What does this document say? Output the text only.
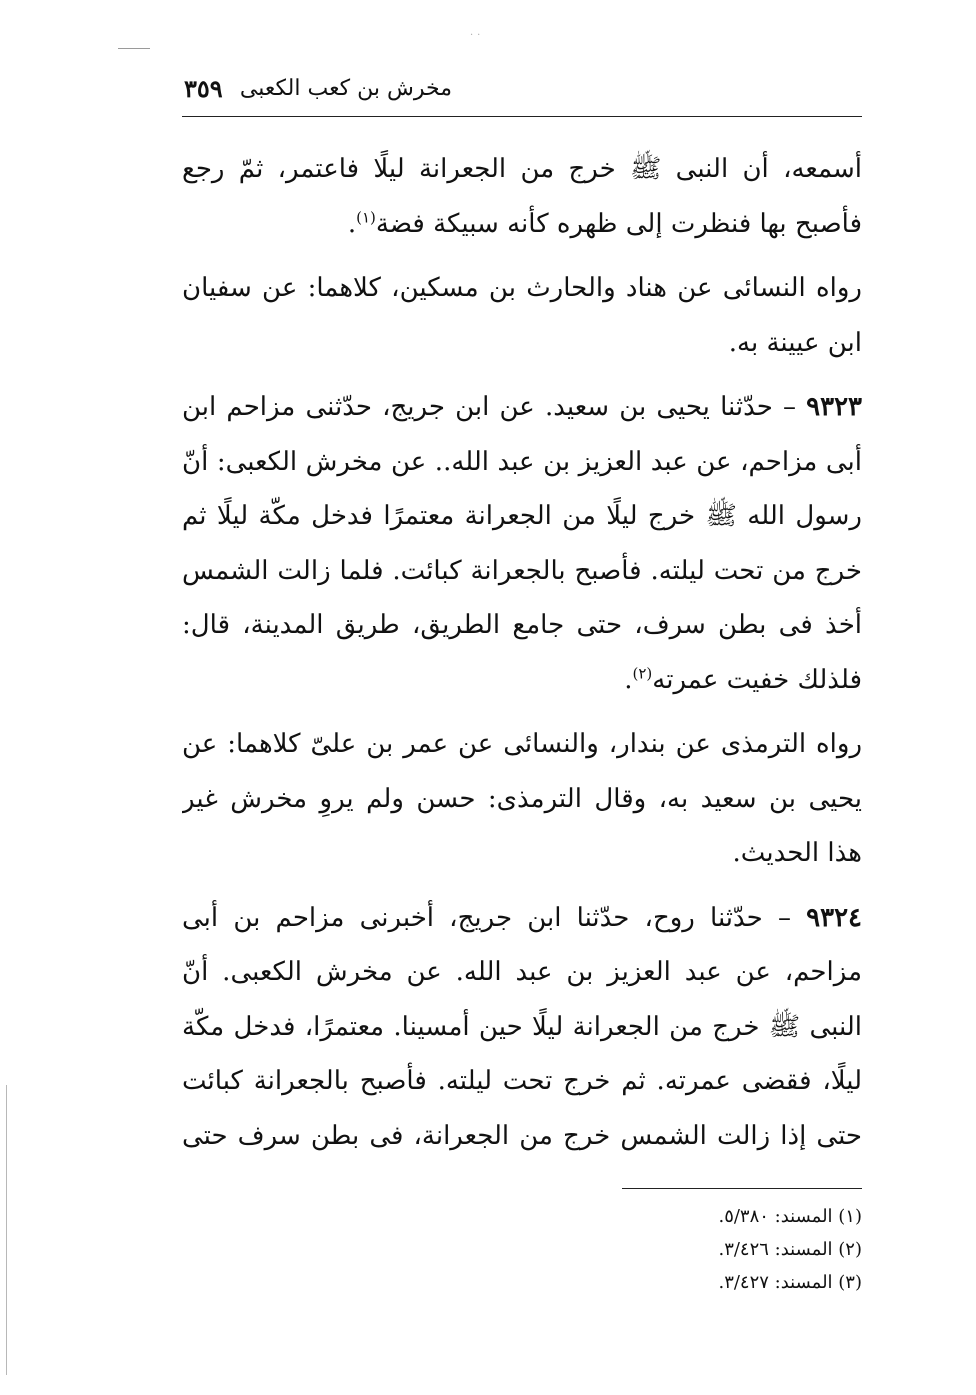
··
مخرش بن كعب الكعبى
٣٥٩

أسمعه، أن النبى ﷺ خرج من الجعرانة ليلًا فاعتمر، ثمّ رجع فأصبح بها فنظرت إلى ظهره كأنه سبيكة فضة$^{(١)}$.

رواه النسائى عن هناد والحارث بن مسكين، كلاهما: عن سفيان ابن عيينة به.

٩٣٢٣ – حدّثنا يحيى بن سعيد. عن ابن جريج، حدّثنى مزاحم ابن أبى مزاحم، عن عبد العزيز بن عبد الله.. عن مخرش الكعبى: أنّ رسول الله ﷺ خرج ليلًا من الجعرانة معتمرًا فدخل مكّة ليلًا ثم خرج من تحت ليلته. فأصبح بالجعرانة كبائت. فلما زالت الشمس أخذ فى بطن سرف، حتى جامع الطريق، طريق المدينة، قال: فلذلك خفيت عمرته$^{(٢)}$.

رواه الترمذى عن بندار، والنسائى عن عمر بن علىّ كلاهما: عن يحيى بن سعيد به، وقال الترمذى: حسن ولم يروِ مخرش غير هذا الحديث.

٩٣٢٤ – حدّثنا روح، حدّثنا ابن جريج، أخبرنى مزاحم بن أبى مزاحم، عن عبد العزيز بن عبد الله. عن مخرش الكعبى. أنّ النبى ﷺ خرج من الجعرانة ليلًا حين أمسينا. معتمرًا، فدخل مكّة ليلًا، فقضى عمرته. ثم خرج تحت ليلته. فأصبح بالجعرانة كبائت حتى إذا زالت الشمس خرج من الجعرانة، فى بطن سرف حتى

(١) المسند: ٥/٣٨٠.
(٢) المسند: ٣/٤٢٦.
(٣) المسند: ٣/٤٢٧.
